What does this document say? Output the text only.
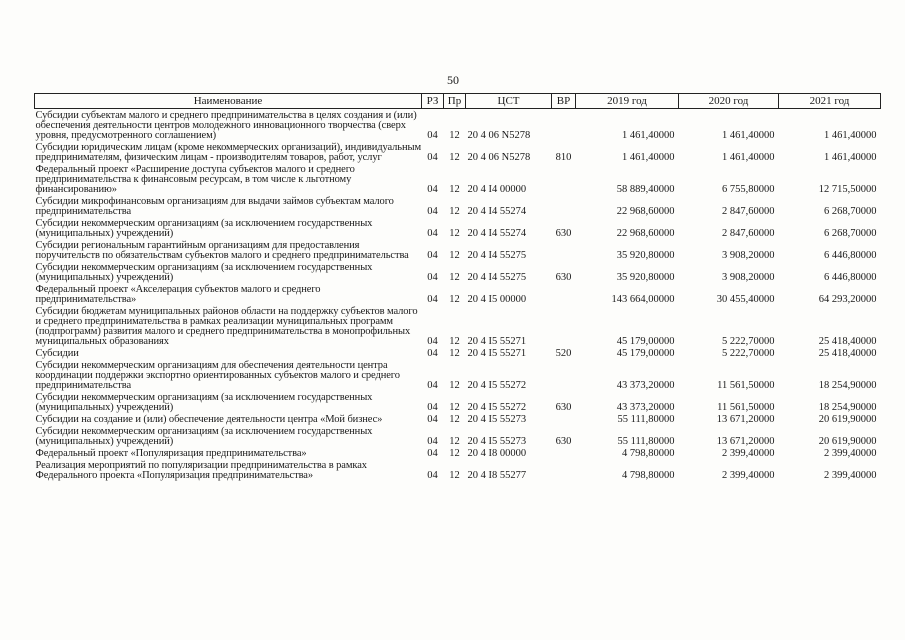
50
Наименование	РЗ	Пр	ЦСТ	ВР	2019 год	2020 год	2021 год
Субсидии субъектам малого и среднего предпринимательства в целях создания и (или) обеспечения деятельности центров молодежного инновационного творчества (сверх уровня, предусмотренного соглашением)	04	12	20 4 06 N5278		1 461,40000	1 461,40000	1 461,40000
Субсидии юридическим лицам (кроме некоммерческих организаций), индивидуальным предпринимателям, физическим лицам - производителям товаров, работ, услуг	04	12	20 4 06 N5278	810	1 461,40000	1 461,40000	1 461,40000
Федеральный проект «Расширение доступа субъектов малого и среднего предпринимательства к финансовым ресурсам, в том числе к льготному финансированию»	04	12	20 4 I4 00000		58 889,40000	6 755,80000	12 715,50000
Субсидии микрофинансовым организациям для выдачи займов субъектам малого предпринимательства	04	12	20 4 I4 55274		22 968,60000	2 847,60000	6 268,70000
Субсидии некоммерческим организациям (за исключением государственных (муниципальных) учреждений)	04	12	20 4 I4 55274	630	22 968,60000	2 847,60000	6 268,70000
Субсидии региональным гарантийным организациям для предоставления поручительств по обязательствам субъектов малого и среднего предпринимательства	04	12	20 4 I4 55275		35 920,80000	3 908,20000	6 446,80000
Субсидии некоммерческим организациям (за исключением государственных (муниципальных) учреждений)	04	12	20 4 I4 55275	630	35 920,80000	3 908,20000	6 446,80000
Федеральный проект «Акселерация субъектов малого и среднего предпринимательства»	04	12	20 4 I5 00000		143 664,00000	30 455,40000	64 293,20000
Субсидии бюджетам муниципальных районов области на поддержку субъектов малого и среднего предпринимательства в рамках реализации муниципальных программ (подпрограмм) развития малого и среднего предпринимательства в монопрофильных муниципальных образованиях	04	12	20 4 I5 55271		45 179,00000	5 222,70000	25 418,40000
Субсидии	04	12	20 4 I5 55271	520	45 179,00000	5 222,70000	25 418,40000
Субсидии некоммерческим организациям для обеспечения деятельности центра координации поддержки экспортно ориентированных субъектов малого и среднего предпринимательства	04	12	20 4 I5 55272		43 373,20000	11 561,50000	18 254,90000
Субсидии некоммерческим организациям (за исключением государственных (муниципальных) учреждений)	04	12	20 4 I5 55272	630	43 373,20000	11 561,50000	18 254,90000
Субсидии на создание и (или) обеспечение деятельности центра «Мой бизнес»	04	12	20 4 I5 55273		55 111,80000	13 671,20000	20 619,90000
Субсидии некоммерческим организациям (за исключением государственных (муниципальных) учреждений)	04	12	20 4 I5 55273	630	55 111,80000	13 671,20000	20 619,90000
Федеральный проект «Популяризация предпринимательства»	04	12	20 4 I8 00000		4 798,80000	2 399,40000	2 399,40000
Реализация мероприятий по популяризации предпринимательства в рамках Федерального проекта «Популяризация предпринимательства»	04	12	20 4 I8 55277		4 798,80000	2 399,40000	2 399,40000
